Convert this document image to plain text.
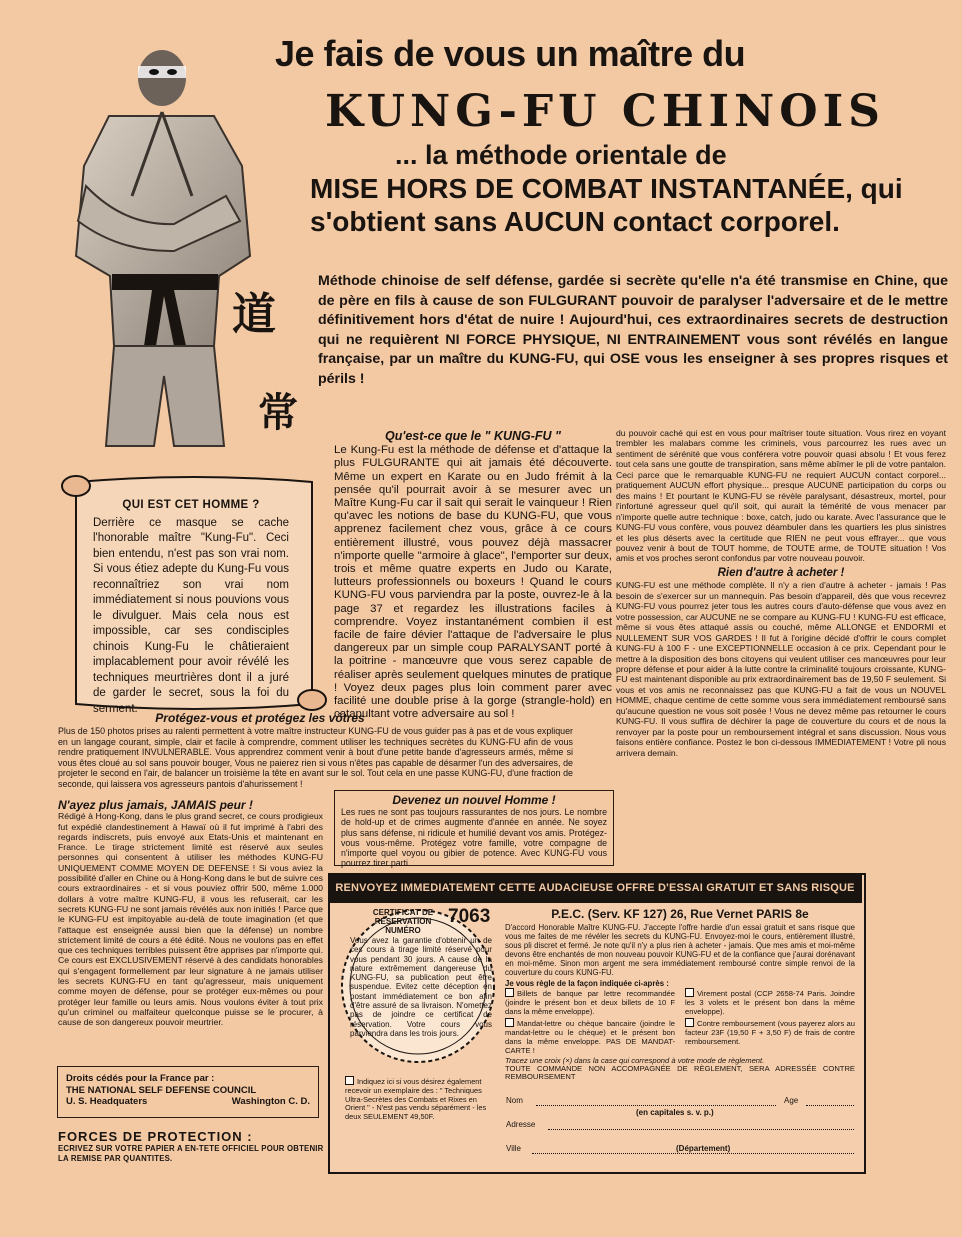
道
常
Je fais de vous un maître du
KUNG-FU CHINOIS
... la méthode orientale de
MISE HORS DE COMBAT INSTANTANÉE, qui s'obtient sans AUCUN contact corporel.
Méthode chinoise de self défense, gardée si secrète qu'elle n'a été transmise en Chine, que de père en fils à cause de son FULGURANT pouvoir de paralyser l'adversaire et de le mettre définitivement hors d'état de nuire ! Aujourd'hui, ces extraordinaires secrets de destruction qui ne requièrent NI FORCE PHYSIQUE, NI ENTRAINEMENT vous sont révélés en langue française, par un maître du KUNG-FU, qui OSE vous les enseigner à ses propres risques et périls !
QUI EST CET HOMME ?
Derrière ce masque se cache l'honorable maître "Kung-Fu". Ceci bien entendu, n'est pas son vrai nom. Si vous étiez adepte du Kung-Fu vous reconnaîtriez son vrai nom immédiatement si nous pouvions vous le divulguer. Mais cela nous est impossible, car ses condisciples chinois Kung-Fu le châtieraient implacablement pour avoir révélé les techniques meurtrières dont il a juré de garder le secret, sous la foi du serment.
Qu'est-ce que le " KUNG-FU "
Le Kung-Fu est la méthode de défense et d'attaque la plus FULGURANTE qui ait jamais été découverte. Même un expert en Karate ou en Judo frémit à la pensée qu'il pourrait avoir à se mesurer avec un Maître Kung-Fu car il sait qui serait le vainqueur ! Rien qu'avec les notions de base du KUNG-FU, que vous apprenez facilement chez vous, grâce à ce cours entièrement illustré, vous pouvez déjà massacrer n'importe quelle "armoire à glace", l'emporter sur deux, trois et même quatre experts en Judo ou Karate, lutteurs professionnels ou boxeurs ! Quand le cours KUNG-FU vous parviendra par la poste, ouvrez-le à la page 37 et regardez les illustrations faciles à comprendre. Voyez instantanément combien il est facile de faire dévier l'attaque de l'adversaire le plus dangereux par un simple coup PARALYSANT porté à la poitrine - manœuvre que vous serez capable de réaliser après seulement quelques minutes de pratique ! Voyez deux pages plus loin comment parer avec facilité une double prise à la gorge (strangle-hold) en catapultant votre adversaire au sol !
du pouvoir caché qui est en vous pour maîtriser toute situation. Vous rirez en voyant trembler les malabars comme les criminels, vous parcourrez les rues avec un sentiment de sérénité que vous conférera votre pouvoir quasi absolu ! Et vous ferez tout cela sans une goutte de transpiration, sans même abîmer le pli de votre pantalon. Ceci parce que le remarquable KUNG-FU ne requiert AUCUN contact corporel... pratiquement AUCUN effort physique... presque AUCUNE participation du corps ou des mains ! Et pourtant le KUNG-FU se révèle paralysant, désastreux, mortel, pour l'infortuné agresseur quel qu'il soit, qui aurait la témérité de vous menacer par n'importe quelle autre technique : boxe, catch, judo ou karate. Avec l'assurance que le KUNG-FU vous confère, vous pouvez déambuler dans les quartiers les plus sinistres et les plus déserts avec la certitude que RIEN ne peut vous effrayer... que vous pouvez venir à bout de TOUT homme, de TOUTE arme, de TOUTE situation ! Vos amis et vos proches seront confondus par votre nouveau pouvoir.
Rien d'autre à acheter !
KUNG-FU est une méthode complète. Il n'y a rien d'autre à acheter - jamais ! Pas besoin de s'exercer sur un mannequin. Pas besoin d'appareil, dès que vous recevrez KUNG-FU vous pourrez jeter tous les autres cours d'auto-défense que vous avez en votre possession, car AUCUNE ne se compare au KUNG-FU ! KUNG-FU est efficace, même si vous êtes attaqué assis ou couché, même ALLONGE et ENDORMI et NULLEMENT SUR VOS GARDES ! Il fut à l'origine décidé d'offrir le cours complet KUNG-FU à 100 F - une EXCEPTIONNELLE occasion à ce prix. Cependant pour le mettre à la disposition des bons citoyens qui veulent utiliser ces manœuvres pour leur propre défense et pour aider à la lutte contre la criminalité toujours croissante, KUNG-FU est maintenant disponible au prix extraordinairement bas de 19,50 F seulement. Si vous et vos amis ne reconnaissez pas que KUNG-FU a fait de vous un NOUVEL HOMME, chaque centime de cette somme vous sera immédiatement remboursé sans qu'aucune question ne vous soit posée ! Vous ne devez même pas retourner le cours KUNG-FU. Il vous suffira de déchirer la page de couverture du cours et de nous la renvoyer par la poste pour un remboursement intégral et sans discussion. Nous vous faisons entière confiance. Postez le bon ci-dessous IMMEDIATEMENT ! Votre pli nous arrivera demain.
Protégez-vous et protégez les vôtres
Plus de 150 photos prises au ralenti permettent à votre maître instructeur KUNG-FU de vous guider pas à pas et de vous expliquer en un langage courant, simple, clair et facile à comprendre, comment utiliser les techniques secrètes du KUNG-FU afin de vous rendre pratiquement INVULNERABLE. Vous apprendrez comment venir à bout d'une petite bande d'agresseurs armés, même si vous êtes cloué au sol sans pouvoir bouger, Vous ne paierez rien si vous n'êtes pas capable de désarmer l'un des adversaires, de projeter le second en l'air, de balancer un troisième la tête en avant sur le sol. Tout cela en une passe KUNG-FU, d'une fraction de seconde, qui laissera vos agresseurs pantois d'ahurissement !
N'ayez plus jamais, JAMAIS peur !
Rédigé à Hong-Kong, dans le plus grand secret, ce cours prodigieux fut expédié clandestinement à Hawaï où il fut imprimé à l'abri des regards indiscrets, puis envoyé aux Etats-Unis et maintenant en France. Le tirage strictement limité est réservé aux seules personnes qui consentent à utiliser les méthodes KUNG-FU UNIQUEMENT COMME MOYEN DE DEFENSE ! Si vous aviez la possibilité d'aller en Chine ou à Hong-Kong dans le but de suivre ces cours extraordinaires - et si vous pouviez offrir 500, même 1.000 dollars à votre maître KUNG-FU, il vous les refuserait, car les secrets KUNG-FU ne sont jamais révélés aux non initiés ! Parce que le KUNG-FU est impitoyable au-delà de toute imagination (et que l'attaque est enseignée aussi bien que la défense) un nombre strictement limité de cours a été édité. Nous ne voulons pas en effet que ces techniques terribles puissent être apprises par n'importe qui. Ce cours est EXCLUSIVEMENT réservé à des candidats honorables qui s'engagent formellement par leur signature à ne jamais utiliser les secrets KUNG-FU en tant qu'agresseur, mais uniquement comme moyen de défense, pour se protéger eux-mêmes ou pour protéger leur famille ou leurs amis. Nous voulons éviter à tout prix qu'un criminel ou malfaiteur quelconque puisse se le procurer, à cause de son dangereux pouvoir meurtrier.
Devenez un nouvel Homme !
Les rues ne sont pas toujours rassurantes de nos jours. Le nombre de hold-up et de crimes augmente d'année en année. Ne soyez plus sans défense, ni ridicule et humilié devant vos amis. Protégez-vous vous-même. Protégez votre famille, votre compagne de n'importe quel voyou ou gibier de potence. Avec KUNG-FU vous pourrez tirer parti
Droits cédés pour la France par :
THE NATIONAL SELF DEFENSE COUNCIL
U. S. Headquaters	Washington C. D.
FORCES DE PROTECTION :
ECRIVEZ SUR VOTRE PAPIER A EN-TETE OFFICIEL POUR OBTENIR LA REMISE PAR QUANTITES.
RENVOYEZ IMMEDIATEMENT CETTE AUDACIEUSE OFFRE D'ESSAI GRATUIT ET SANS RISQUE
CERTIFICAT DE RÉSERVATION NUMÉRO
7063
Vous avez la garantie d'obtenir un de ces cours à tirage limité réservé pour vous pendant 30 jours. A cause de la nature extrêmement dangereuse du KUNG-FU, sa publication peut être suspendue. Evitez cette déception en postant immédiatement ce bon afin d'être assuré de sa livraison. N'omettez pas de joindre ce certificat de réservation. Votre cours vous parviendra dans les trois jours.
Indiquez ici si vous désirez également recevoir un exemplaire des : " Techniques Ultra-Secrètes des Combats et Rixes en Orient " - N'est pas vendu séparément - les deux SEULEMENT 49,50F.
P.E.C. (Serv. KF 127) 26, Rue Vernet PARIS 8e
D'accord Honorable Maître KUNG-FU. J'accepte l'offre hardie d'un essai gratuit et sans risque que vous me faites de me révéler les secrets du KUNG-FU. Envoyez-moi le cours, entièrement illustré, sous pli discret et fermé. Je note qu'il n'y a plus rien à acheter - jamais. Que mes amis et moi-même devons être enchantés de mon nouveau pouvoir KUNG-FU et de la confiance que j'aurai dorénavant en moi-même. Sinon mon argent me sera immédiatement remboursé contre simple renvoi de la couverture du cours KUNG-FU.
Je vous règle de la façon indiquée ci-après :
Billets de banque par lettre recommandée (joindre le présent bon et deux billets de 10 F dans la même enveloppe).
Virement postal (CCP 2658-74 Paris. Joindre les 3 volets et le présent bon dans la même enveloppe).
Mandat-lettre ou chèque bancaire (joindre le mandat-lettre ou le chèque) et le présent bon dans la même enveloppe. PAS DE MANDAT-CARTE !
Contre remboursement (vous payerez alors au facteur 23F (19,50 F + 3,50 F) de frais de contre remboursement.
Tracez une croix (×) dans la case qui correspond à votre mode de règlement.
TOUTE COMMANDE NON ACCOMPAGNÉE DE RÈGLEMENT, SERA ADRESSÉE CONTRE REMBOURSEMENT
Nom	Age
(en capitales s. v. p.)
Adresse
Ville	(Département)
